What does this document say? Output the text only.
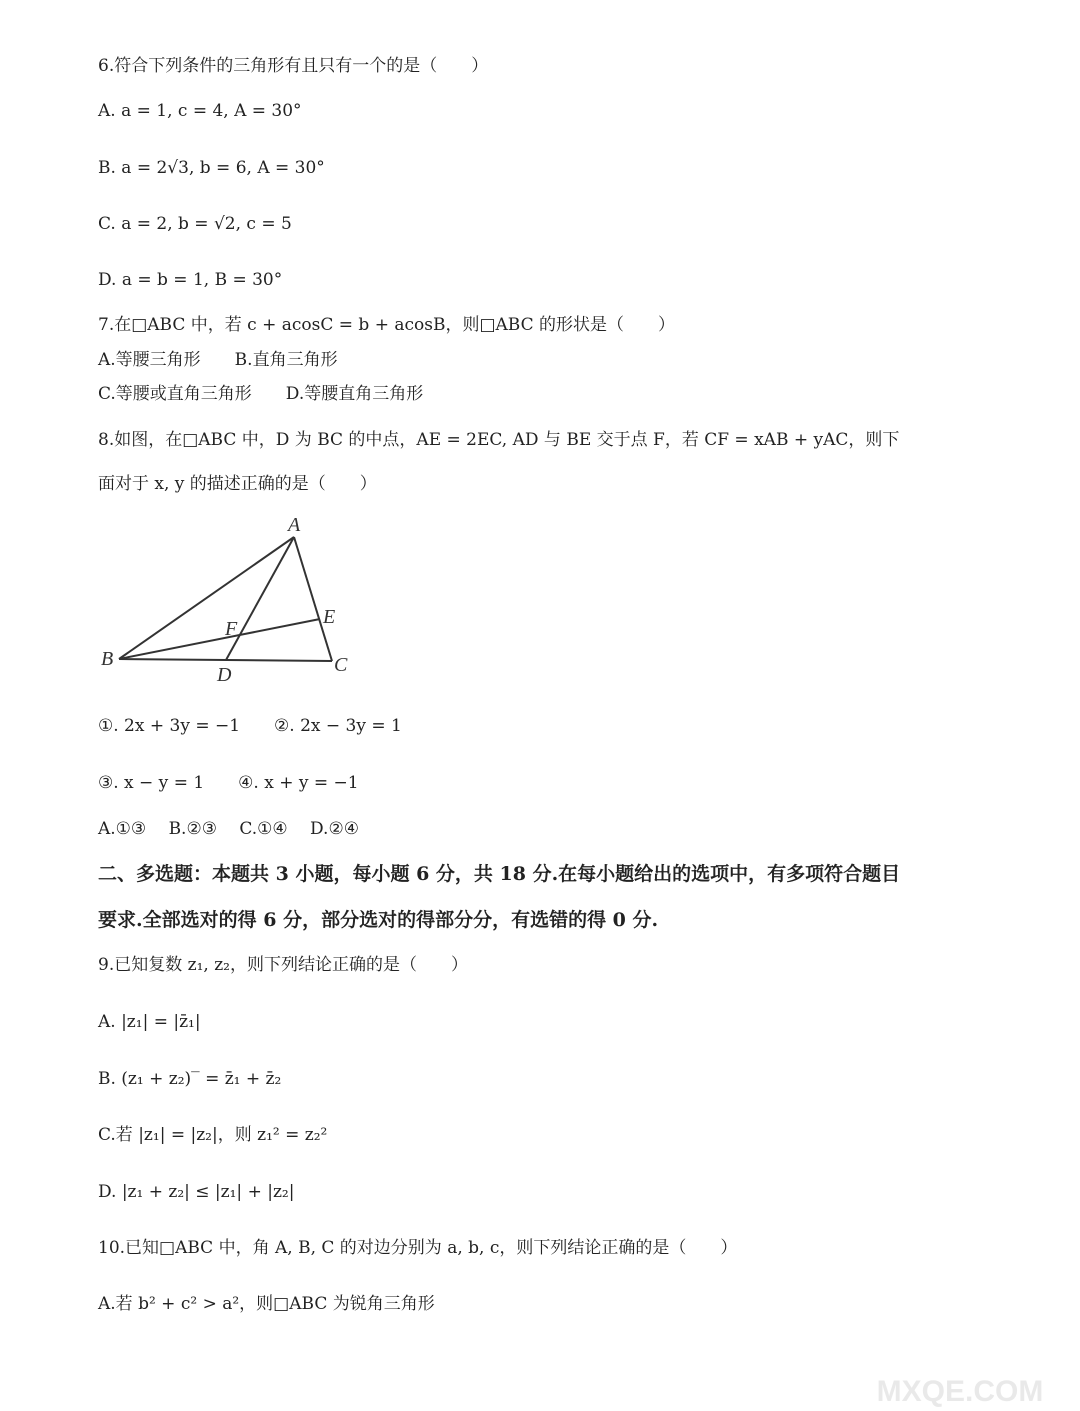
6.符合下列条件的三角形有且只有一个的是（　　）
A. a = 1, c = 4, A = 30°
B. a = 2√3, b = 6, A = 30°
C. a = 2, b = √2, c = 5
D. a = b = 1, B = 30°
7.在□ABC 中，若 c + acosC = b + acosB，则□ABC 的形状是（　　）
A.等腰三角形　　B.直角三角形
C.等腰或直角三角形　　D.等腰直角三角形
8.如图，在□ABC 中，D 为 BC 的中点，AE = 2EC, AD 与 BE 交于点 F，若 CF = xAB + yAC，则下
面对于 x, y 的描述正确的是（　　）
A
B	C
D
E
F
①. 2x + 3y = −1　　②. 2x − 3y = 1
③. x − y = 1　　④. x + y = −1
A.①③　 B.②③　 C.①④　 D.②④
二、多选题：本题共 3 小题，每小题 6 分，共 18 分.在每小题给出的选项中，有多项符合题目
要求.全部选对的得 6 分，部分选对的得部分分，有选错的得 0 分.
9.已知复数 z₁, z₂，则下列结论正确的是（　　）
A. |z₁| = |z̄₁|
B. (z₁ + z₂)‾ = z̄₁ + z̄₂
C.若 |z₁| = |z₂|，则 z₁² = z₂²
D. |z₁ + z₂| ≤ |z₁| + |z₂|
10.已知□ABC 中，角 A, B, C 的对边分别为 a, b, c，则下列结论正确的是（　　）
A.若 b² + c² > a²，则□ABC 为锐角三角形
MXQE.COM
